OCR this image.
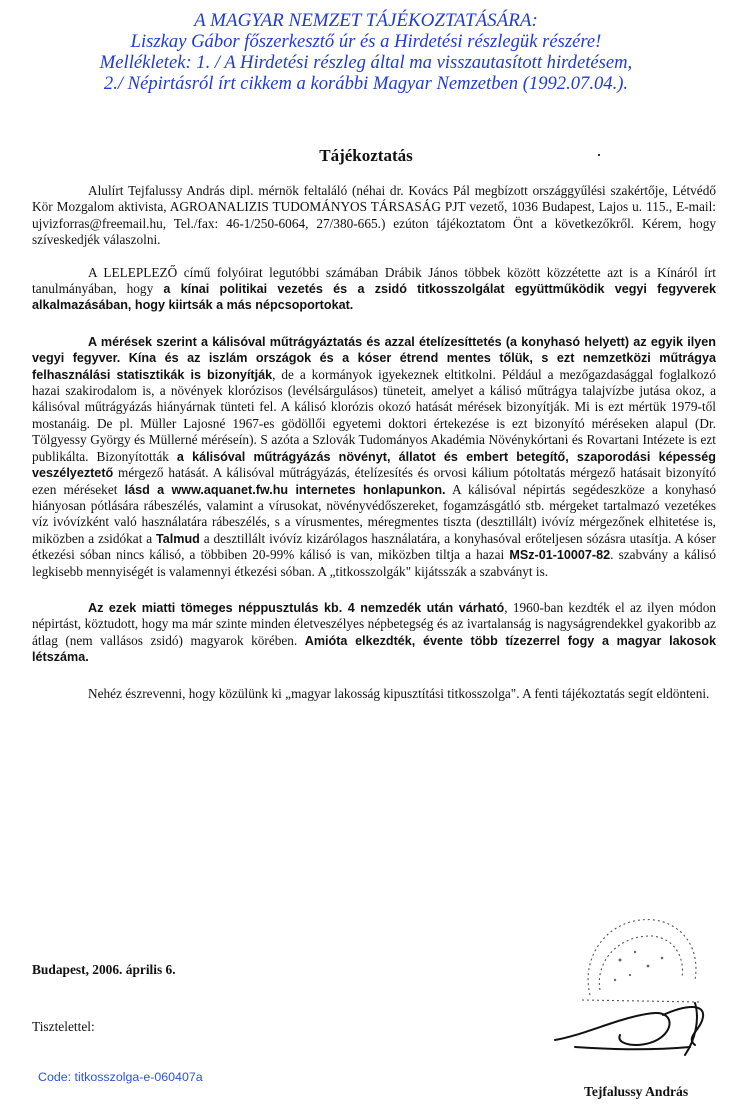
A MAGYAR NEMZET TÁJÉKOZTATÁSÁRA:
Liszkay Gábor főszerkesztő úr és a Hirdetési részlegük részére!
Mellékletek: 1. / A Hirdetési részleg által ma visszautasított hirdetésem,
2./ Népirtásról írt cikkem a korábbi Magyar Nemzetben (1992.07.04.).
Tájékoztatás

Alulírt Tejfalussy András dipl. mérnök feltaláló (néhai dr. Kovács Pál megbízott országgyűlési szakértője, Létvédő Kör Mozgalom aktivista, AGROANALIZIS TUDOMÁNYOS TÁRSASÁG PJT vezető, 1036 Budapest, Lajos u. 115., E-mail: ujvizforras@freemail.hu, Tel./fax: 46-1/250-6064, 27/380-665.) ezúton tájékoztatom Önt a következőkről. Kérem, hogy szíveskedjék válaszolni.

A LELEPLEZŐ című folyóirat legutóbbi számában Drábik János többek között közzétette azt is a Kínáról írt tanulmányában, hogy a kínai politikai vezetés és a zsidó titkosszolgálat együttműködik vegyi fegyverek alkalmazásában, hogy kiirtsák a más népcsoportokat.

A mérések szerint a kálisóval műtrágyáztatás és azzal ételízesíttetés (a konyhasó helyett) az egyik ilyen vegyi fegyver. Kína és az iszlám országok és a kóser étrend mentes tőlük, s ezt nemzetközi műtrágya felhasználási statisztikák is bizonyítják, de a kormányok igyekeznek eltitkolni. Például a mezőgazdasággal foglalkozó hazai szakirodalom is, a növények klorózisos (levélsárgulásos) tüneteit, amelyet a kálisó műtrágya talajvízbe jutása okoz, a kálisóval műtrágyázás hiányárnak tünteti fel. A kálisó klorózis okozó hatását mérések bizonyítják. Mi is ezt mértük 1979-től mostanáig. De pl. Müller Lajosné 1967-es gödöllői egyetemi doktori értekezése is ezt bizonyító méréseken alapul (Dr. Tölgyessy György és Müllerné méréseín). S azóta a Szlovák Tudományos Akadémia Növénykórtani és Rovartani Intézete is ezt publikálta. Bizonyították a kálisóval műtrágyázás növényt, állatot és embert betegítő, szaporodási képesség veszélyeztető mérgező hatását. A kálisóval műtrágyázás, ételízesítés és orvosi kálium pótoltatás mérgező hatásait bizonyító ezen méréseket lásd a www.aquanet.fw.hu internetes honlapunkon. A kálisóval népirtás segédeszköze a konyhasó hiányosan pótlására rábeszélés, valamint a vírusokat, növényvédőszereket, fogamzásgátló stb. mérgeket tartalmazó vezetékes víz ivóvízként való használatára rábeszélés, s a vírusmentes, méregmentes tiszta (desztillált) ivóvíz mérgezőnek elhitetése is, miközben a zsidókat a Talmud a desztillált ivóvíz kizárólagos használatára, a konyhasóval erőteljesen sózásra utasítja. A kóser étkezési sóban nincs kálisó, a többiben 20-99% kálisó is van, miközben tiltja a hazai MSz-01-10007-82. szabvány a kálisó legkisebb mennyiségét is valamennyi étkezési sóban. A „titkosszolgák" kijátsszák a szabványt is.

Az ezek miatti tömeges néppusztulás kb. 4 nemzedék után várható, 1960-ban kezdték el az ilyen módon népirtást, köztudott, hogy ma már szinte minden életveszélyes népbetegség és az ivartalanság is nagyságrendekkel gyakoribb az átlag (nem vallásos zsidó) magyarok körében. Amióta elkezdték, évente több tízezerrel fogy a magyar lakosok létszáma.

Nehéz észrevenni, hogy közülünk ki „magyar lakosság kipusztítási titkosszolga". A fenti tájékoztatás segít eldönteni.

Budapest, 2006. április 6.
Tisztelettel:
Code: titkosszolga-e-060407a
Tejfalussy András
